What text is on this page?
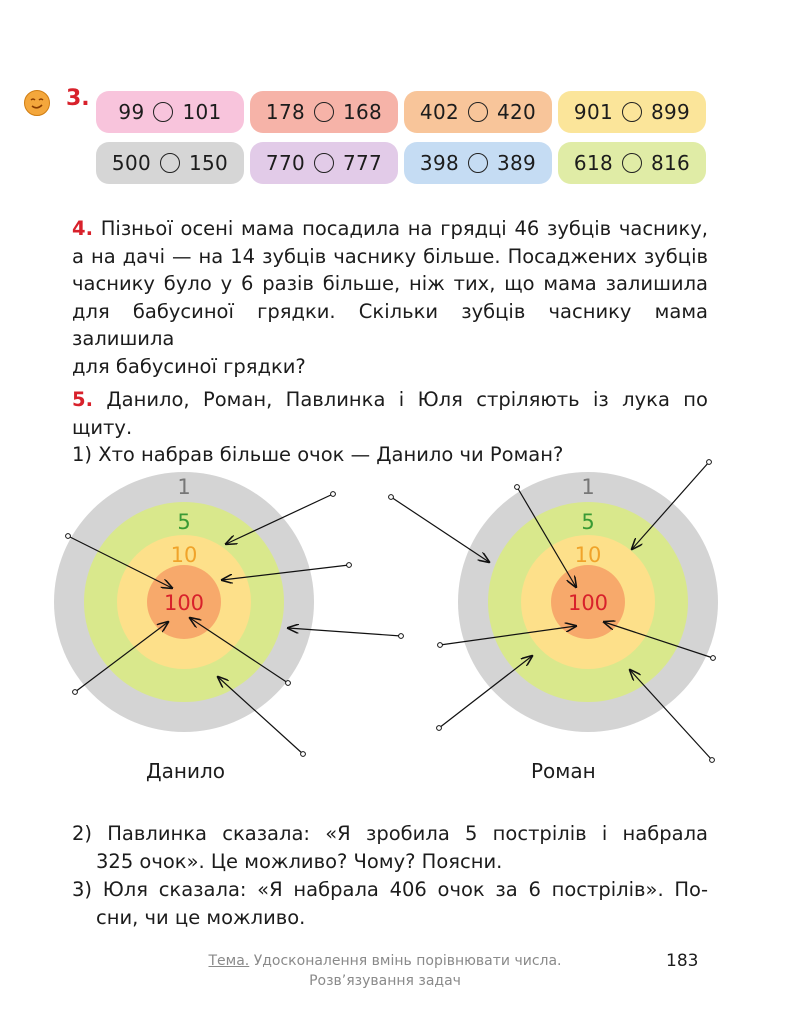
3.
99 101 178 168 402 420 901 899
500 150 770 777 398 389 618 816
4. Пізньої осені мама посадила на грядці 46 зубців часнику,
а на дачі — на 14 зубців часнику більше. Посаджених зубців
часнику було у 6 разів більше, ніж тих, що мама залишила
для бабусиної грядки. Скільки зубців часнику мама залишила
для бабусиної грядки?
5. Данило, Роман, Павлинка і Юля стріляють із лука по щиту.
1) Хто набрав більше очок — Данило чи Роман?
1
5
10
100
1
5
10
100
Данило	Роман
2) Павлинка сказала: «Я зробила 5 пострілів і набрала
325 очок». Це можливо? Чому? Поясни.
3) Юля сказала: «Я набрала 406 очок за 6 пострілів». По-
сни, чи це можливо.
Тема. Удосконалення вмінь порівнювати числа.
Розв’язування задач
183
